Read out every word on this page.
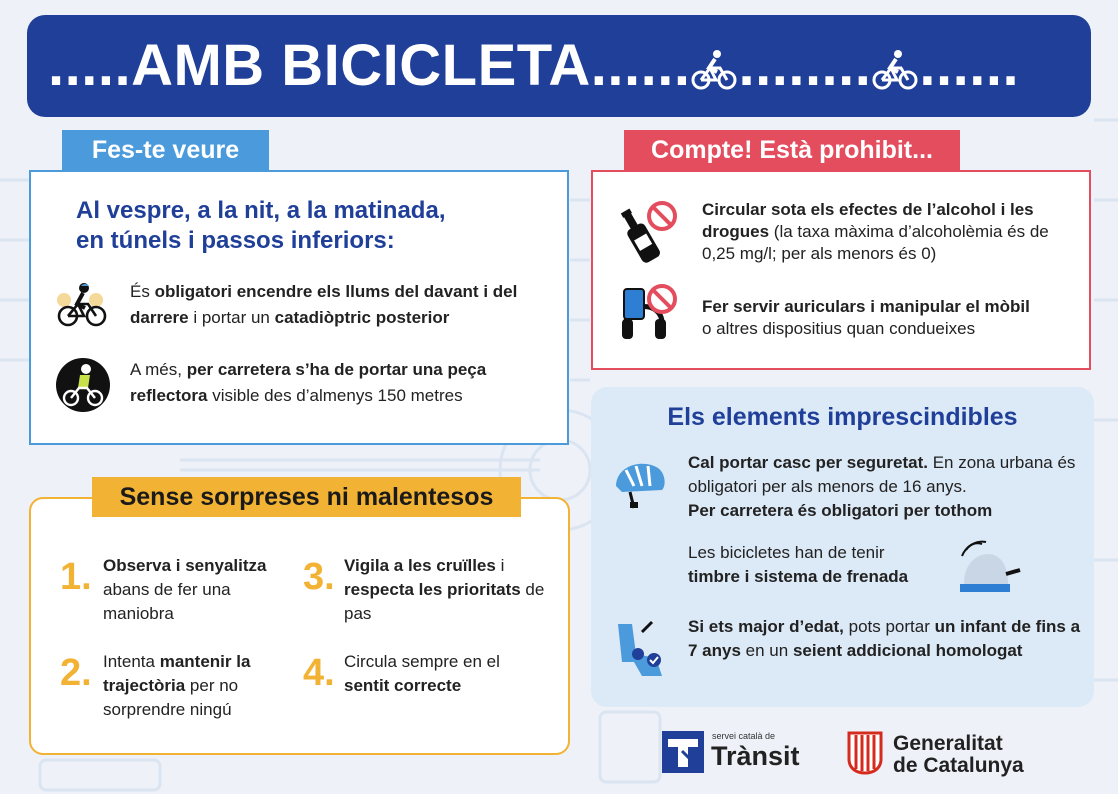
.....AMB BICICLETA...... ........ ......
Fes-te veure
Al vespre, a la nit, a la matinada,
en túnels i passos inferiors:
És obligatori encendre els llums del davant i del darrere i portar un catadiòptric posterior
A més, per carretera s’ha de portar una peça reflectora visible des d’almenys 150 metres
Compte! Està prohibit...
Circular sota els efectes de l’alcohol i les drogues (la taxa màxima d’alcoholèmia és de 0,25 mg/l; per als menors és 0)
Fer servir auriculars i manipular el mòbil
o altres dispositius quan condueixes
Sense sorpreses ni malentesos
1. Observa i senyalitza abans de fer una maniobra
2. Intenta mantenir la trajectòria per no sorprendre ningú
3. Vigila a les cruïlles i respecta les prioritats de pas
4. Circula sempre en el sentit correcte
Els elements imprescindibles
Cal portar casc per seguretat. En zona urbana és obligatori per als menors de 16 anys.
Per carretera és obligatori per tothom
Les bicicletes han de tenir
timbre i sistema de frenada
Si ets major d’edat, pots portar un infant de fins a 7 anys en un seient addicional homologat
servei català de
Trànsit	Generalitat
de Catalunya
